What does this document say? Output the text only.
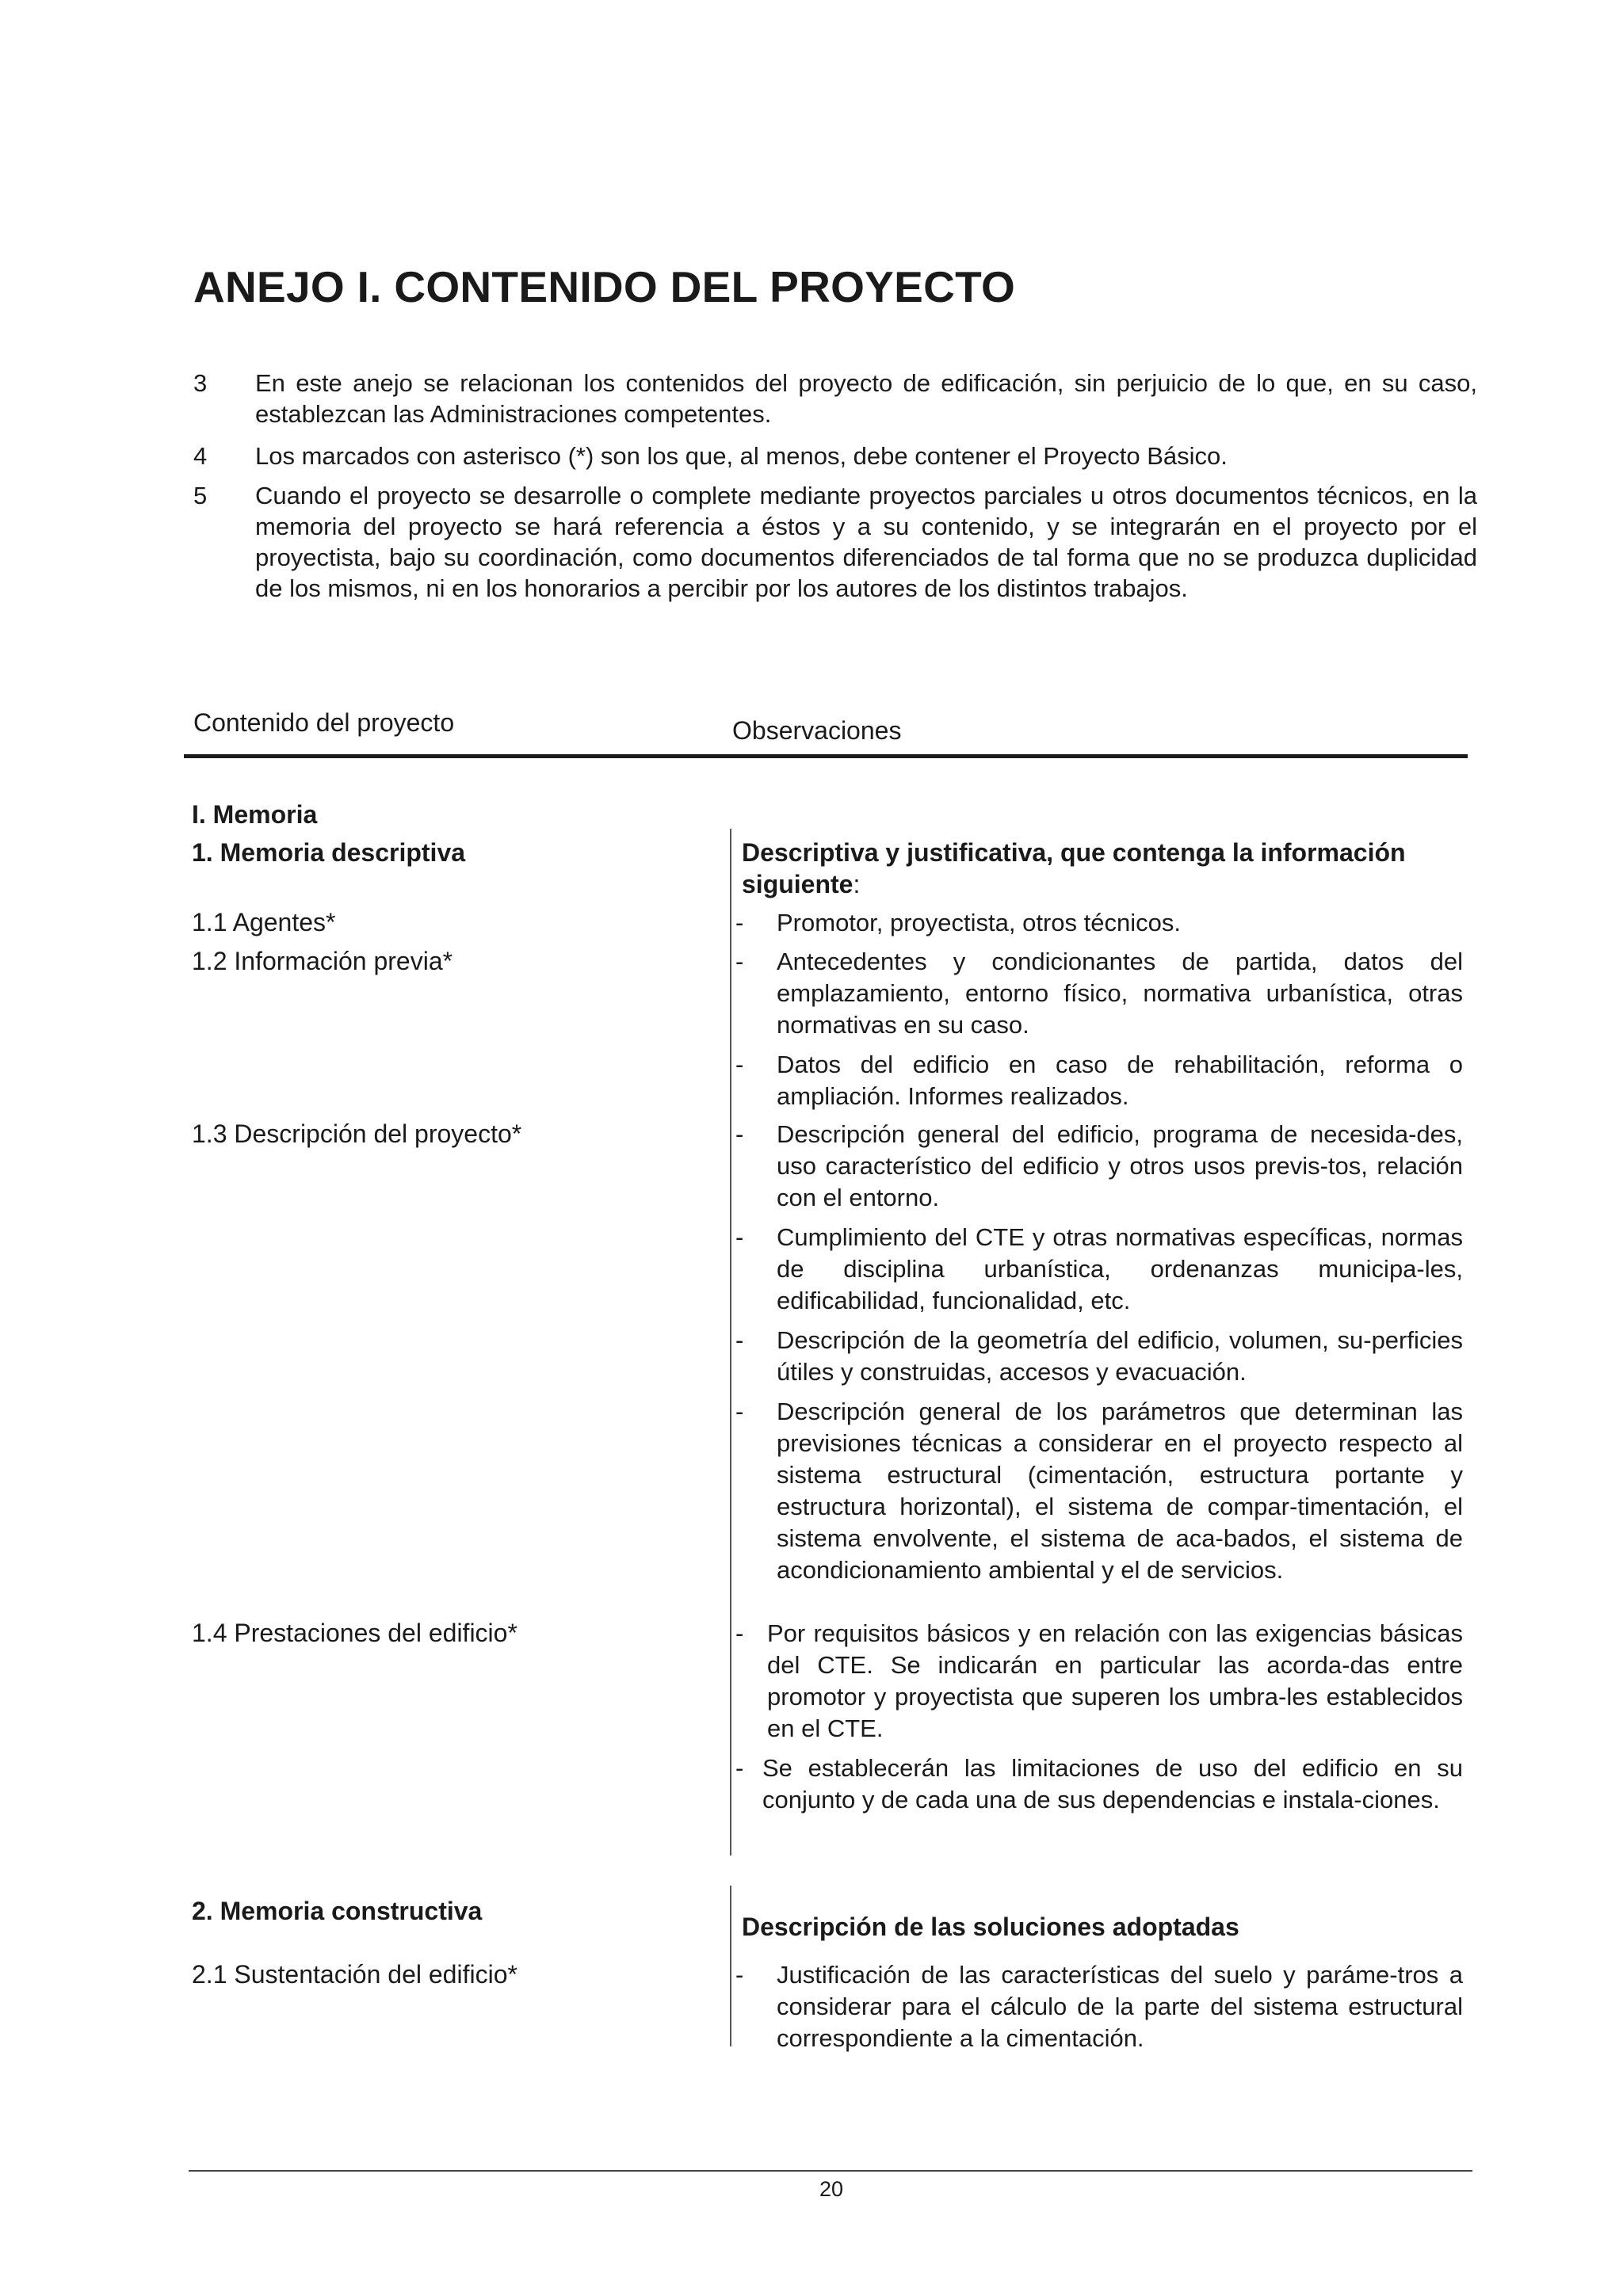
ANEJO I. CONTENIDO DEL PROYECTO
3 En este anejo se relacionan los contenidos del proyecto de edificación, sin perjuicio de lo que, en su caso, establezcan las Administraciones competentes.
4 Los marcados con asterisco (*) son los que, al menos, debe contener el Proyecto Básico.
5 Cuando el proyecto se desarrolle o complete mediante proyectos parciales u otros documentos técnicos, en la memoria del proyecto se hará referencia a éstos y a su contenido, y se integrarán en el proyecto por el proyectista, bajo su coordinación, como documentos diferenciados de tal forma que no se produzca duplicidad de los mismos, ni en los honorarios a percibir por los autores de los distintos trabajos.
Contenido del proyecto	Observaciones
I. Memoria
1. Memoria descriptiva	Descriptiva y justificativa, que contenga la información siguiente:
1.1 Agentes*	- Promotor, proyectista, otros técnicos.
1.2 Información previa*	- Antecedentes y condicionantes de partida, datos del emplazamiento, entorno físico, normativa urbanística, otras normativas en su caso.
- Datos del edificio en caso de rehabilitación, reforma o ampliación. Informes realizados.
1.3 Descripción del proyecto*	- Descripción general del edificio, programa de necesida-des, uso característico del edificio y otros usos previs-tos, relación con el entorno.
- Cumplimiento del CTE y otras normativas específicas, normas de disciplina urbanística, ordenanzas municipa-les, edificabilidad, funcionalidad, etc.
- Descripción de la geometría del edificio, volumen, su-perficies útiles y construidas, accesos y evacuación.
- Descripción general de los parámetros que determinan las previsiones técnicas a considerar en el proyecto respecto al sistema estructural (cimentación, estructura portante y estructura horizontal), el sistema de compar-timentación, el sistema envolvente, el sistema de aca-bados, el sistema de acondicionamiento ambiental y el de servicios.
1.4 Prestaciones del edificio*	- Por requisitos básicos y en relación con las exigencias básicas del CTE. Se indicarán en particular las acorda-das entre promotor y proyectista que superen los umbra-les establecidos en el CTE.
- Se establecerán las limitaciones de uso del edificio en su conjunto y de cada una de sus dependencias e instala-ciones.
2. Memoria constructiva
Descripción de las soluciones adoptadas
2.1 Sustentación del edificio*	- Justificación de las características del suelo y paráme-tros a considerar para el cálculo de la parte del sistema estructural correspondiente a la cimentación.
20
